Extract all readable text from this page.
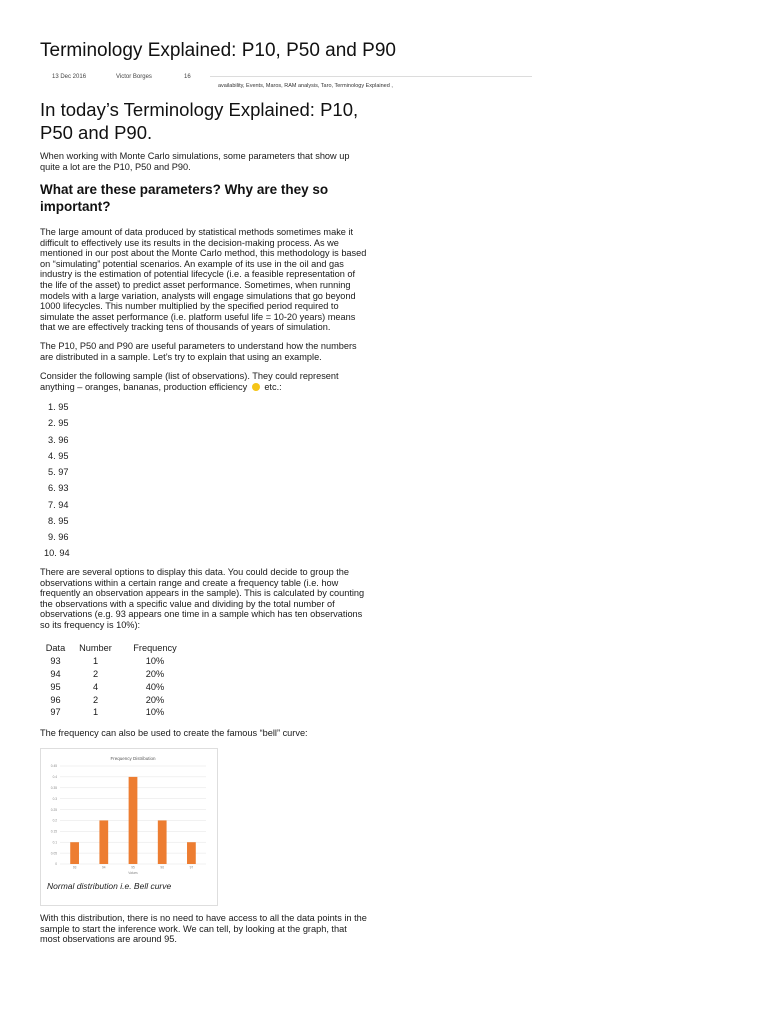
Terminology Explained: P10, P50 and P90
13 Dec 2016	Victor Borges	16
availability, Events, Maros, RAM analysis, Taro, Terminology Explained ,
In today’s Terminology Explained: P10, P50 and P90.

When working with Monte Carlo simulations, some parameters that show up quite a lot are the P10, P50 and P90.

What are these parameters? Why are they so important?

The large amount of data produced by statistical methods sometimes make it difficult to effectively use its results in the decision-making process. As we mentioned in our post about the Monte Carlo method, this methodology is based on “simulating” potential scenarios. An example of its use in the oil and gas industry is the estimation of potential lifecycle (i.e. a feasible representation of the life of the asset) to predict asset performance. Sometimes, when running models with a large variation, analysts will engage simulations that go beyond 1000 lifecycles. This number multiplied by the specified period required to simulate the asset performance (i.e. platform useful life = 10-20 years) means that we are effectively tracking tens of thousands of years of simulation.

The P10, P50 and P90 are useful parameters to understand how the numbers are distributed in a sample. Let’s try to explain that using an example.

Consider the following sample (list of observations). They could represent anything – oranges, bananas, production efficiency  etc.:

1. 95
2. 95
3. 96
4. 95
5. 97
6. 93
7. 94
8. 95
9. 96
10. 94

There are several options to display this data. You could decide to group the observations within a certain range and create a frequency table (i.e. how frequently an observation appears in the sample). This is calculated by counting the observations with a specific value and dividing by the total number of observations (e.g. 93 appears one time in a sample which has ten observations so its frequency is 10%):

Data	Number	Frequency
93	1	10%
94	2	20%
95	4	40%
96	2	20%
97	1	10%

The frequency can also be used to create the famous “bell” curve:

Frequency Distribution
0
0.05
0.1
0.15
0.2
0.25
0.3
0.35
0.4
0.45
93	94	95	96	97
Values
Normal distribution i.e. Bell curve

With this distribution, there is no need to have access to all the data points in the sample to start the inference work. We can tell, by looking at the graph, that most observations are around 95.
